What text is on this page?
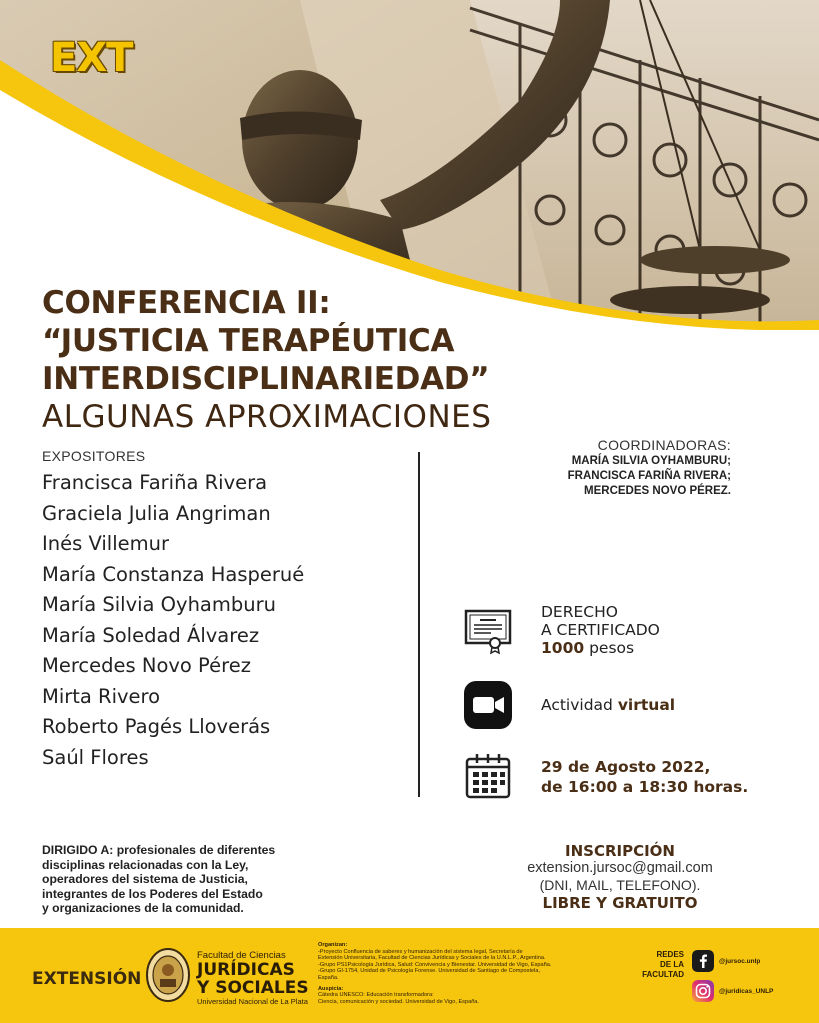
EXT
CONFERENCIA II:
“JUSTICIA TERAPÉUTICA
INTERDISCIPLINARIEDAD”
ALGUNAS APROXIMACIONES
EXPOSITORES
Francisca Fariña Rivera
Graciela Julia Angriman
Inés Villemur
María Constanza Hasperué
María Silvia Oyhamburu
María Soledad Álvarez
Mercedes Novo Pérez
Mirta Rivero
Roberto Pagés Lloverás
Saúl Flores
COORDINADORAS:
MARÍA SILVIA OYHAMBURU;
FRANCISCA FARIÑA RIVERA;
MERCEDES NOVO PÉREZ.
DERECHO
A CERTIFICADO
1000 pesos
Actividad virtual
29 de Agosto 2022,
de 16:00 a 18:30 horas.
DIRIGIDO A: profesionales de diferentes
disciplinas relacionadas con la Ley,
operadores del sistema de Justicia,
integrantes de los Poderes del Estado
y organizaciones de la comunidad.
INSCRIPCIÓN
extension.jursoc@gmail.com
(DNI, MAIL, TELEFONO).
LIBRE Y GRATUITO
EXTENSIÓN
Facultad de Ciencias
JURÍDICAS
Y SOCIALES
Universidad Nacional de La Plata
Organizan:
-Proyecto Confluencia de saberes y humanización del sistema legal, Secretaría de
Extensión Universitaria, Facultad de Ciencias Jurídicas y Sociales de la U.N.L.P., Argentina.
-Grupo PS1Psicología Jurídica, Salud: Convivencia y Bienestar. Universidad de Vigo, España.
-Grupo GI-1754, Unidad de Psicología Forense. Universidad de Santiago de Compostela,
España.
Auspicia:
Cátedra UNESCO: Educación transformadora:
Ciencia, comunicación y sociedad. Universidad de Vigo, España.
REDES
DE LA
FACULTAD
@jursoc.unlp
@juridicas_UNLP
